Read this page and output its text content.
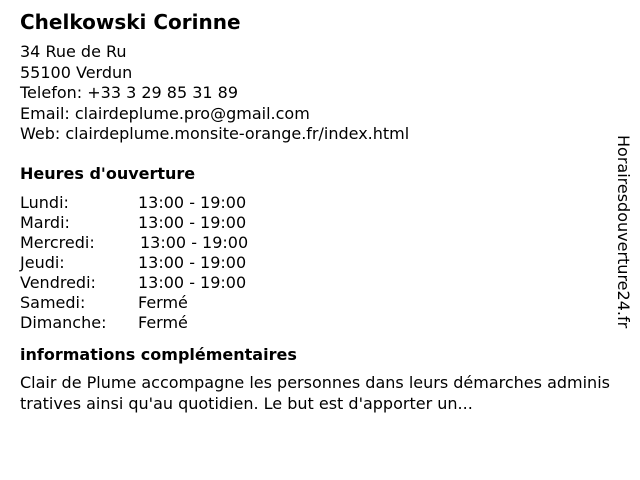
Chelkowski Corinne
34 Rue de Ru
55100 Verdun
Telefon: +33 3 29 85 31 89
Email: clairdeplume.pro@gmail.com
Web: clairdeplume.monsite-orange.fr/index.html
Heures d'ouverture
Lundi:	13:00 - 19:00
Mardi:	13:00 - 19:00
Mercredi:	13:00 - 19:00
Jeudi:	13:00 - 19:00
Vendredi:	13:00 - 19:00
Samedi:	Fermé
Dimanche:	Fermé
informations complémentaires
Clair de Plume accompagne les personnes dans leurs démarches administratives ainsi qu'au quotidien. Le but est d'apporter un...
Horairesdouverture24.fr
